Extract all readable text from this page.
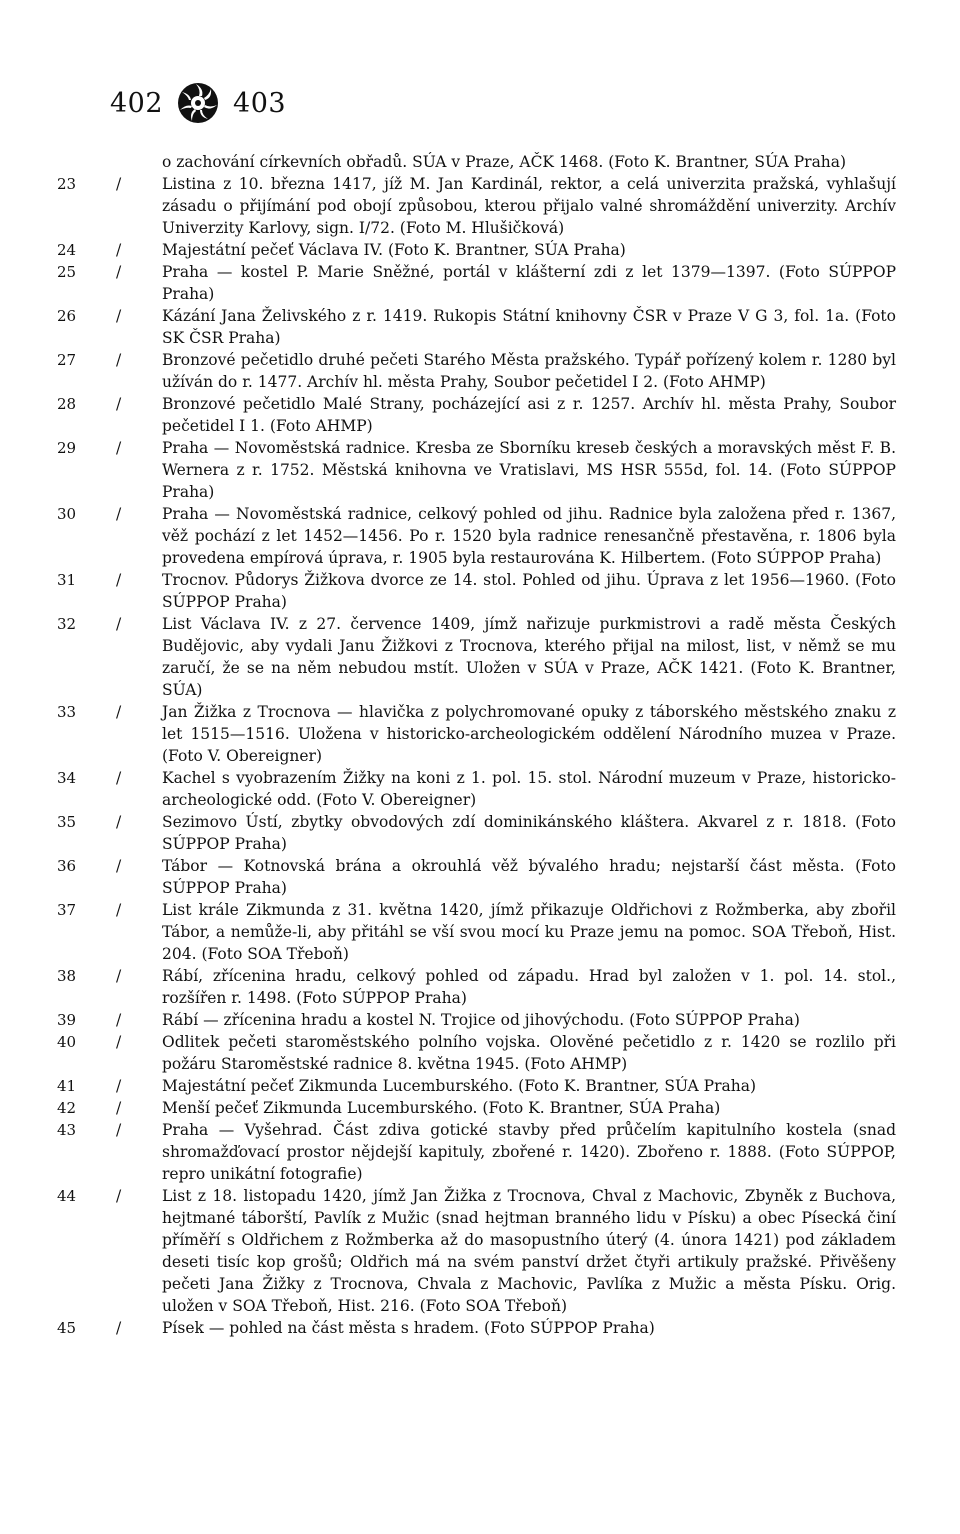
402	403
o zachování církevních obřadů. SÚA v Praze, AČK 1468. (Foto K. Brantner, SÚA Praha)
23	/	Listina z 10. března 1417, jíž M. Jan Kardinál, rektor, a celá univerzita pražská, vyhlašují zásadu o přijímání pod obojí způsobou, kterou přijalo valné shromáždění univerzity. Archív Univerzity Karlovy, sign. I/72. (Foto M. Hlušičková)
24	/	Majestátní pečeť Václava IV. (Foto K. Brantner, SÚA Praha)
25	/	Praha — kostel P. Marie Sněžné, portál v klášterní zdi z let 1379—1397. (Foto SÚPPOP Praha)
26	/	Kázání Jana Želivského z r. 1419. Rukopis Státní knihovny ČSR v Praze V G 3, fol. 1a. (Foto SK ČSR Praha)
27	/	Bronzové pečetidlo druhé pečeti Starého Města pražského. Typář pořízený kolem r. 1280 byl užíván do r. 1477. Archív hl. města Prahy, Soubor pečetidel I 2. (Foto AHMP)
28	/	Bronzové pečetidlo Malé Strany, pocházející asi z r. 1257. Archív hl. města Prahy, Soubor pečetidel I 1. (Foto AHMP)
29	/	Praha — Novoměstská radnice. Kresba ze Sborníku kreseb českých a moravských měst F. B. Wernera z r. 1752. Městská knihovna ve Vratislavi, MS HSR 555d, fol. 14. (Foto SÚPPOP Praha)
30	/	Praha — Novoměstská radnice, celkový pohled od jihu. Radnice byla založena před r. 1367, věž pochází z let 1452—1456. Po r. 1520 byla radnice renesančně přestavěna, r. 1806 byla provedena empírová úprava, r. 1905 byla restaurována K. Hilbertem. (Foto SÚPPOP Praha)
31	/	Trocnov. Půdorys Žižkova dvorce ze 14. stol. Pohled od jihu. Úprava z let 1956—1960. (Foto SÚPPOP Praha)
32	/	List Václava IV. z 27. července 1409, jímž nařizuje purkmistrovi a radě města Českých Budějovic, aby vydali Janu Žižkovi z Trocnova, kterého přijal na milost, list, v němž se mu zaručí, že se na něm nebudou mstít. Uložen v SÚA v Praze, AČK 1421. (Foto K. Brantner, SÚA)
33	/	Jan Žižka z Trocnova — hlavička z polychromované opuky z táborského městského znaku z let 1515—1516. Uložena v historicko-archeologickém oddělení Národního muzea v Praze. (Foto V. Obereigner)
34	/	Kachel s vyobrazením Žižky na koni z 1. pol. 15. stol. Národní muzeum v Praze, historicko-archeologické odd. (Foto V. Obereigner)
35	/	Sezimovo Ústí, zbytky obvodových zdí dominikánského kláštera. Akvarel z r. 1818. (Foto SÚPPOP Praha)
36	/	Tábor — Kotnovská brána a okrouhlá věž bývalého hradu; nejstarší část města. (Foto SÚPPOP Praha)
37	/	List krále Zikmunda z 31. května 1420, jímž přikazuje Oldřichovi z Rožmberka, aby zbořil Tábor, a nemůže-li, aby přitáhl se vší svou mocí ku Praze jemu na pomoc. SOA Třeboň, Hist. 204. (Foto SOA Třeboň)
38	/	Rábí, zřícenina hradu, celkový pohled od západu. Hrad byl založen v 1. pol. 14. stol., rozšířen r. 1498. (Foto SÚPPOP Praha)
39	/	Rábí — zřícenina hradu a kostel N. Trojice od jihovýchodu. (Foto SÚPPOP Praha)
40	/	Odlitek pečeti staroměstského polního vojska. Olověné pečetidlo z r. 1420 se rozlilo při požáru Staroměstské radnice 8. května 1945. (Foto AHMP)
41	/	Majestátní pečeť Zikmunda Lucemburského. (Foto K. Brantner, SÚA Praha)
42	/	Menší pečeť Zikmunda Lucemburského. (Foto K. Brantner, SÚA Praha)
43	/	Praha — Vyšehrad. Část zdiva gotické stavby před průčelím kapitulního kostela (snad shromažďovací prostor nějdejší kapituly, zbořené r. 1420). Zbořeno r. 1888. (Foto SÚPPOP, repro unikátní fotografie)
44	/	List z 18. listopadu 1420, jímž Jan Žižka z Trocnova, Chval z Machovic, Zbyněk z Buchova, hejtmané táborští, Pavlík z Mužic (snad hejtman branného lidu v Písku) a obec Písecká činí příměří s Oldřichem z Rožmberka až do masopustního úterý (4. února 1421) pod základem deseti tisíc kop grošů; Oldřich má na svém panství držet čtyři artikuly pražské. Přivěšeny pečeti Jana Žižky z Trocnova, Chvala z Machovic, Pavlíka z Mužic a města Písku. Orig. uložen v SOA Třeboň, Hist. 216. (Foto SOA Třeboň)
45	/	Písek — pohled na část města s hradem. (Foto SÚPPOP Praha)
